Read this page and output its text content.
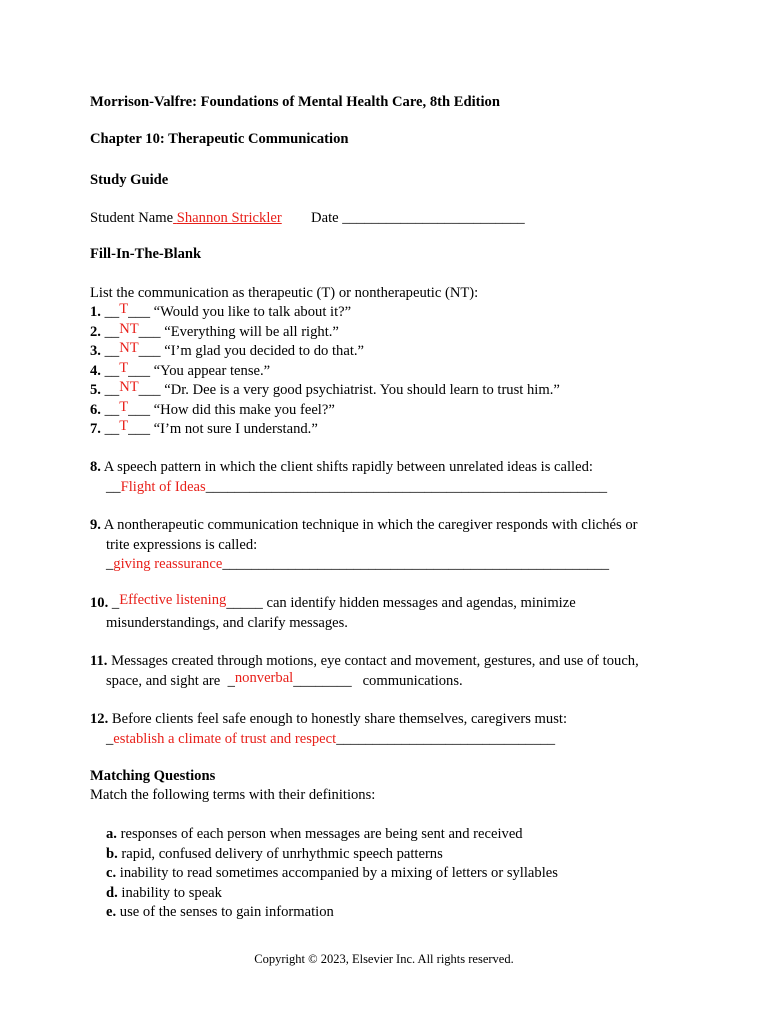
Morrison-Valfre: Foundations of Mental Health Care, 8th Edition
Chapter 10: Therapeutic Communication
Study Guide
Student Name Shannon Strickler Date _________________________
Fill-In-The-Blank
List the communication as therapeutic (T) or nontherapeutic (NT):
1. __T___ “Would you like to talk about it?”
2. __NT___ “Everything will be all right.”
3. __NT___ “I’m glad you decided to do that.”
4. __T___ “You appear tense.”
5. __NT___ “Dr. Dee is a very good psychiatrist. You should learn to trust him.”
6. __T___ “How did this make you feel?”
7. __T___ “I’m not sure I understand.”
8. A speech pattern in which the client shifts rapidly between unrelated ideas is called:
__Flight of Ideas_______________________________________________________
9. A nontherapeutic communication technique in which the caregiver responds with clichés or
trite expressions is called:
_giving reassurance_____________________________________________________
10. _Effective listening_____ can identify hidden messages and agendas, minimize
misunderstandings, and clarify messages.
11. Messages created through motions, eye contact and movement, gestures, and use of touch,
space, and sight are _nonverbal________ communications.
12. Before clients feel safe enough to honestly share themselves, caregivers must:
_establish a climate of trust and respect______________________________
Matching Questions
Match the following terms with their definitions:
a. responses of each person when messages are being sent and received
b. rapid, confused delivery of unrhythmic speech patterns
c. inability to read sometimes accompanied by a mixing of letters or syllables
d. inability to speak
e. use of the senses to gain information
Copyright © 2023, Elsevier Inc. All rights reserved.
